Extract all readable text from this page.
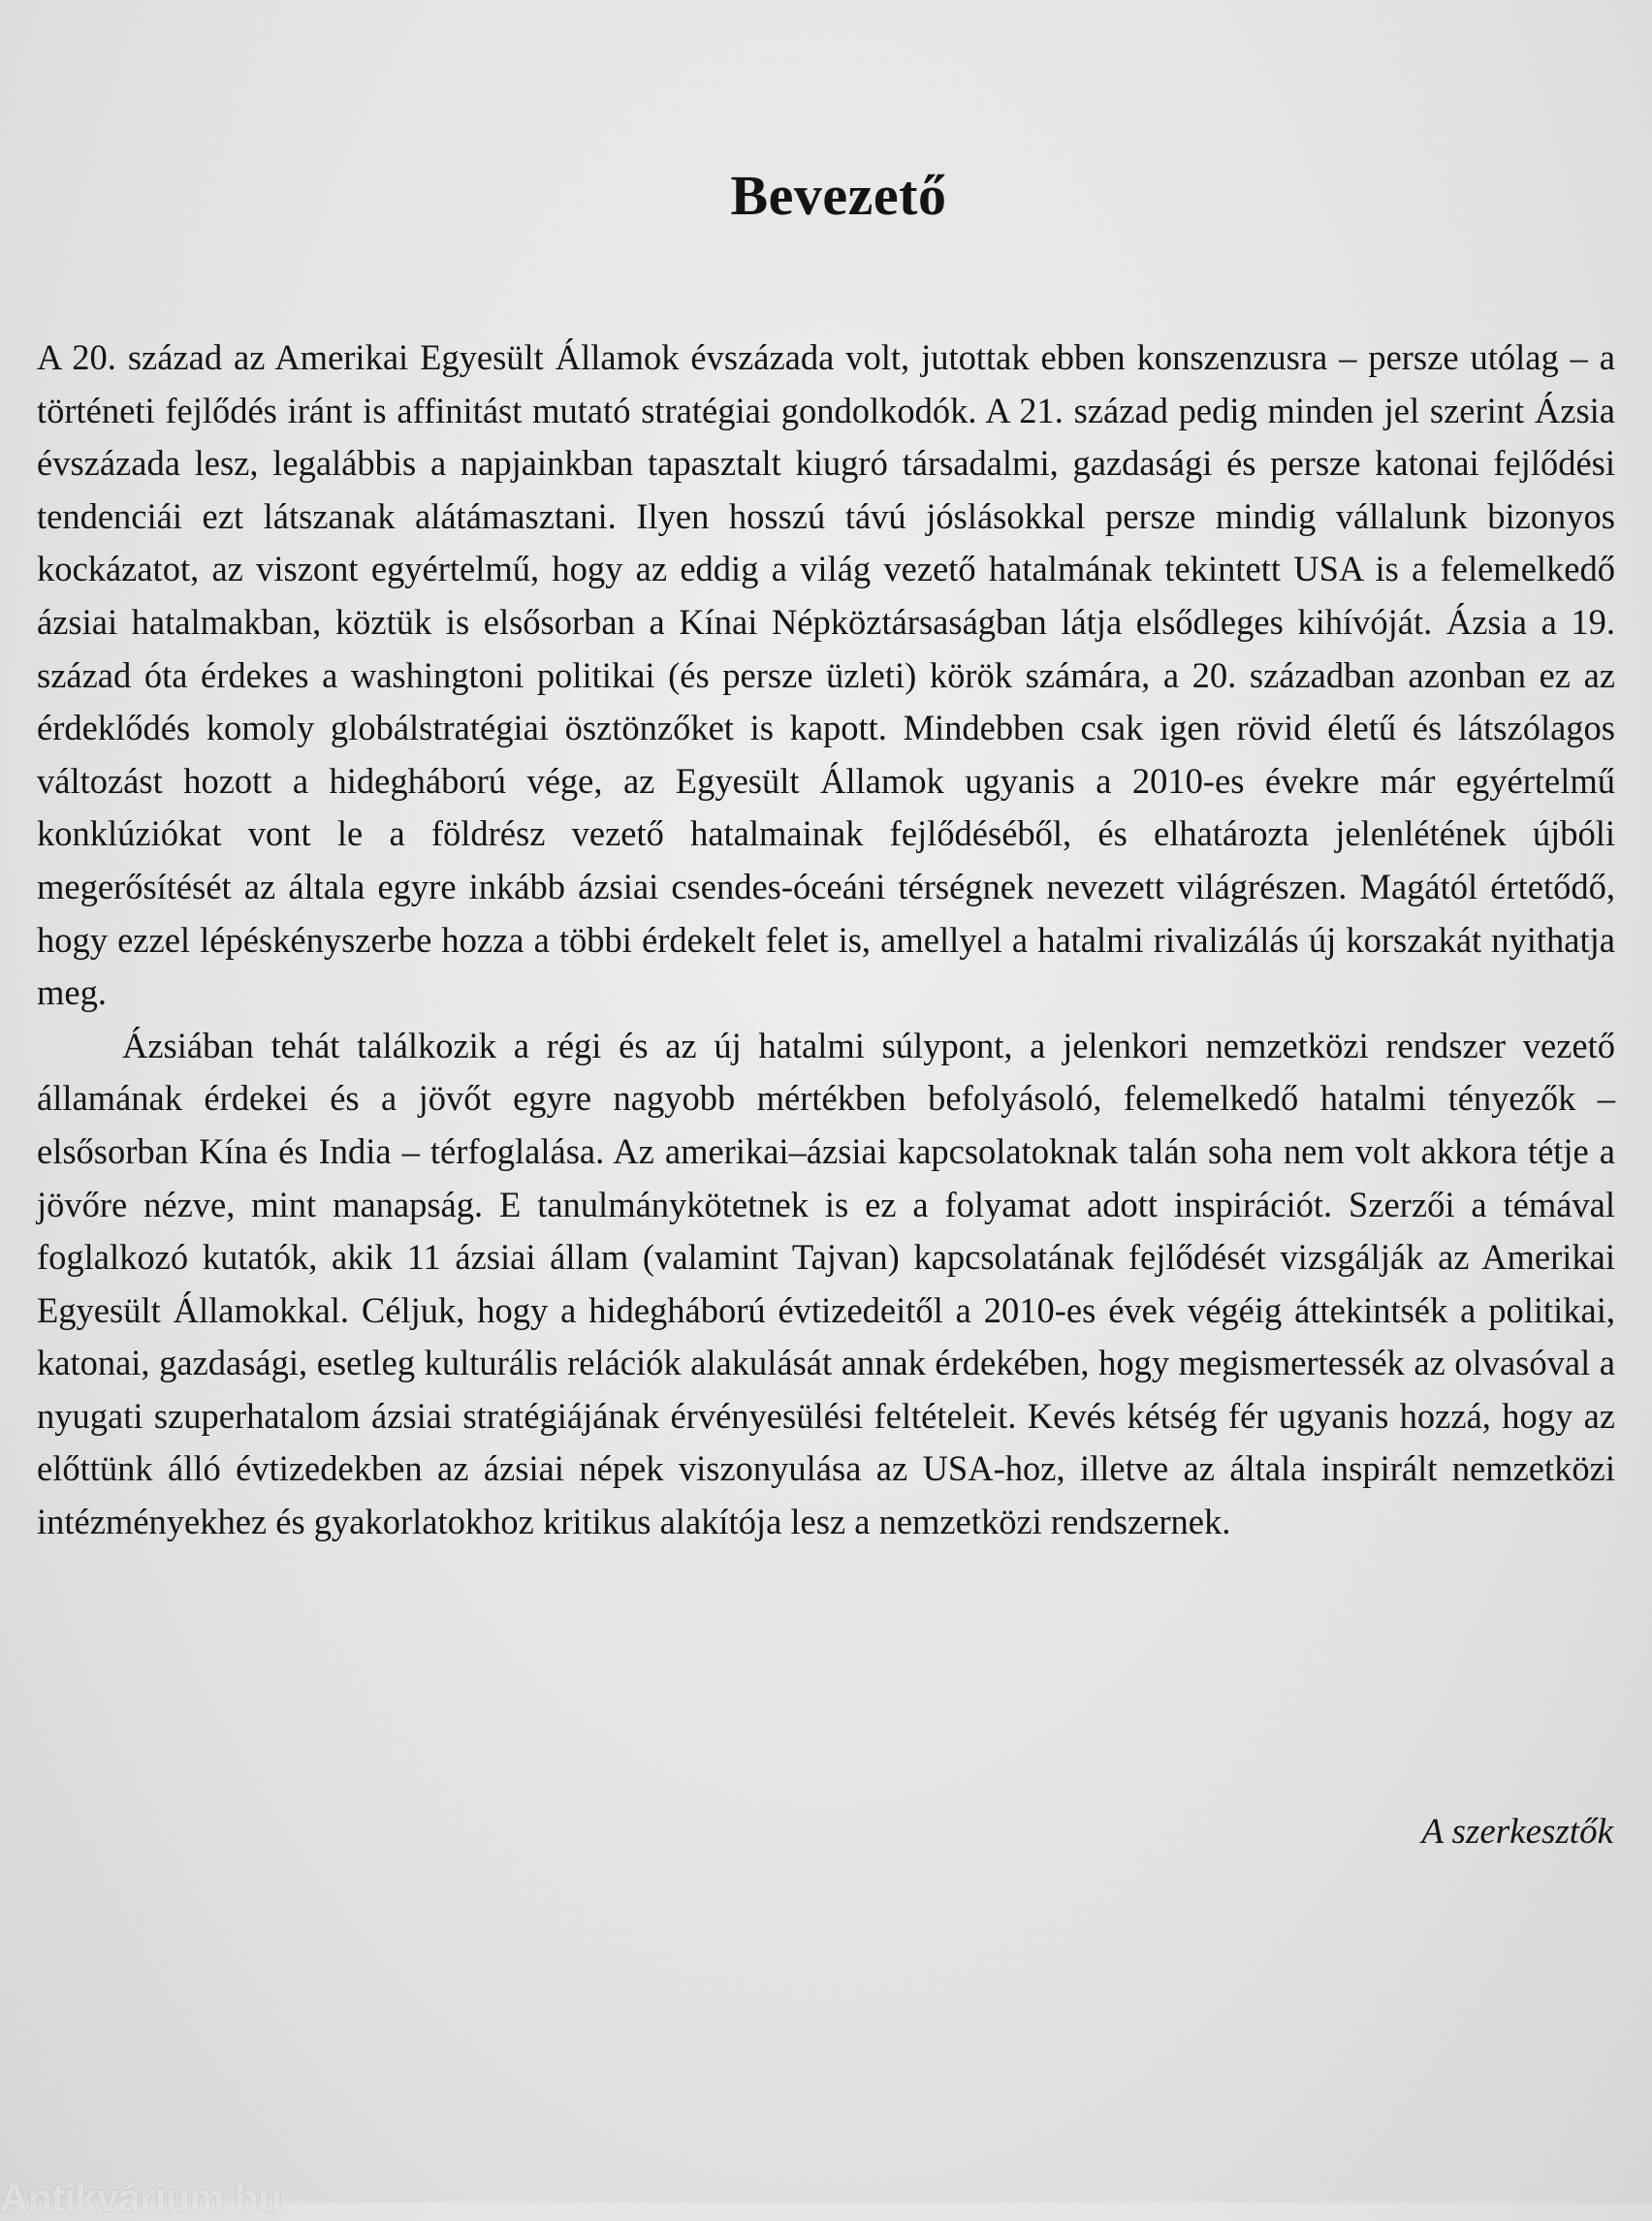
Bevezető

A 20. század az Amerikai Egyesült Államok évszázada volt, jutottak ebben konszenzusra – persze utólag – a történeti fejlődés iránt is affinitást mutató stratégiai gondolkodók. A 21. század pedig minden jel szerint Ázsia évszázada lesz, legalábbis a napjainkban tapasztalt kiugró társadalmi, gazdasági és persze katonai fejlődési tendenciái ezt látszanak alátámasztani. Ilyen hosszú távú jóslásokkal persze mindig vállalunk bizonyos kockázatot, az viszont egyértelmű, hogy az eddig a világ vezető hatalmának tekintett USA is a felemelkedő ázsiai hatalmakban, köztük is elsősorban a Kínai Népköztársaságban látja elsődleges kihívóját. Ázsia a 19. század óta érdekes a washingtoni politikai (és persze üzleti) körök számára, a 20. században azonban ez az érdeklődés komoly globálstratégiai ösztönzőket is kapott. Mindebben csak igen rövid életű és látszólagos változást hozott a hidegháború vége, az Egyesült Államok ugyanis a 2010-es évekre már egyértelmű konklúziókat vont le a földrész vezető hatalmainak fejlődéséből, és elhatározta jelenlétének újbóli megerősítését az általa egyre inkább ázsiai csendes-óceáni térségnek nevezett világrészen. Magától értetődő, hogy ezzel lépéskényszerbe hozza a többi érdekelt felet is, amellyel a hatalmi rivalizálás új korszakát nyithatja meg.

Ázsiában tehát találkozik a régi és az új hatalmi súlypont, a jelenkori nemzetközi rendszer vezető államának érdekei és a jövőt egyre nagyobb mértékben befolyásoló, felemelkedő hatalmi tényezők – elsősorban Kína és India – térfoglalása. Az amerikai–ázsiai kapcsolatoknak talán soha nem volt akkora tétje a jövőre nézve, mint manapság. E tanulmánykötetnek is ez a folyamat adott inspirációt. Szerzői a témával foglalkozó kutatók, akik 11 ázsiai állam (valamint Tajvan) kapcsolatának fejlődését vizsgálják az Amerikai Egyesült Államokkal. Céljuk, hogy a hidegháború évtizedeitől a 2010-es évek végéig áttekintsék a politikai, katonai, gazdasági, esetleg kulturális relációk alakulását annak érdekében, hogy megismertessék az olvasóval a nyugati szuperhatalom ázsiai stratégiájának érvényesülési feltételeit. Kevés kétség fér ugyanis hozzá, hogy az előttünk álló évtizedekben az ázsiai népek viszonyulása az USA-hoz, illetve az általa inspirált nemzetközi intézményekhez és gyakorlatokhoz kritikus alakítója lesz a nemzetközi rendszernek.

A szerkesztők

Antikvárium.hu
